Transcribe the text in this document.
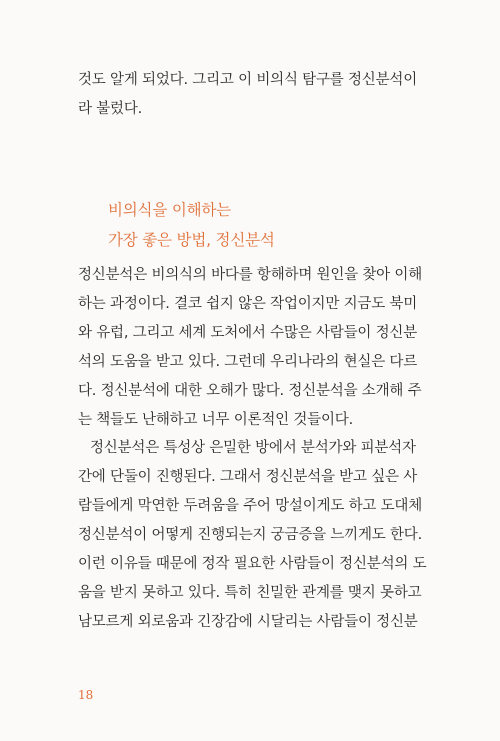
것도 알게 되었다. 그리고 이 비의식 탐구를 정신분석이
라 불렀다.

비의식을 이해하는
가장 좋은 방법, 정신분석

정신분석은 비의식의 바다를 항해하며 원인을 찾아 이해
하는 과정이다. 결코 쉽지 않은 작업이지만 지금도 북미
와 유럽, 그리고 세계 도처에서 수많은 사람들이 정신분
석의 도움을 받고 있다. 그런데 우리나라의 현실은 다르
다. 정신분석에 대한 오해가 많다. 정신분석을 소개해 주
는 책들도 난해하고 너무 이론적인 것들이다.
정신분석은 특성상 은밀한 방에서 분석가와 피분석자
간에 단둘이 진행된다. 그래서 정신분석을 받고 싶은 사
람들에게 막연한 두려움을 주어 망설이게도 하고 도대체
정신분석이 어떻게 진행되는지 궁금증을 느끼게도 한다.
이런 이유들 때문에 정작 필요한 사람들이 정신분석의 도
움을 받지 못하고 있다. 특히 친밀한 관계를 맺지 못하고
남모르게 외로움과 긴장감에 시달리는 사람들이 정신분

18
